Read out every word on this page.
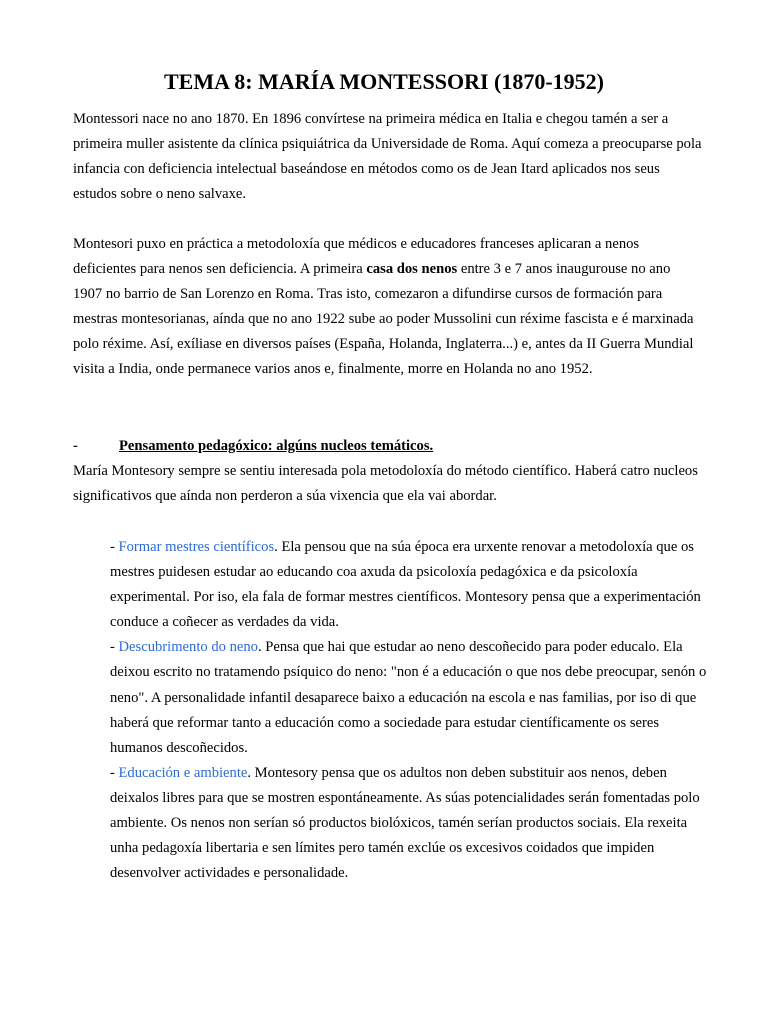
TEMA 8: MARÍA MONTESSORI (1870-1952)

Montessori nace no ano 1870. En 1896 convírtese na primeira médica en Italia e chegou tamén a ser a primeira muller asistente da clínica psiquiátrica da Universidade de Roma. Aquí comeza a preocuparse pola infancia con deficiencia intelectual baseándose en métodos como os de Jean Itard aplicados nos seus estudos sobre o neno salvaxe.

Montesori puxo en práctica a metodoloxía que médicos e educadores franceses aplicaran a nenos deficientes para nenos sen deficiencia. A primeira casa dos nenos entre 3 e 7 anos inaugurouse no ano 1907 no barrio de San Lorenzo en Roma. Tras isto, comezaron a difundirse cursos de formación para mestras montesorianas, aínda que no ano 1922 sube ao poder Mussolini cun réxime fascista e é marxinada polo réxime. Así, exíliase en diversos países (España, Holanda, Inglaterra...) e, antes da II Guerra Mundial visita a India, onde permanece varios anos e, finalmente, morre en Holanda no ano 1952.

-	Pensamento pedagóxico: algúns nucleos temáticos.

María Montesory sempre se sentiu interesada pola metodoloxía do método científico. Haberá catro nucleos significativos que aínda non perderon a súa vixencia que ela vai abordar.

- Formar mestres científicos. Ela pensou que na súa época era urxente renovar a metodoloxía que os mestres puidesen estudar ao educando coa axuda da psicoloxía pedagóxica e da psicoloxía experimental. Por iso, ela fala de formar mestres científicos. Montesory pensa que a experimentación conduce a coñecer as verdades da vida.

- Descubrimento do neno. Pensa que hai que estudar ao neno descoñecido para poder educalo. Ela deixou escrito no tratamendo psíquico do neno: "non é a educación o que nos debe preocupar, senón o neno". A personalidade infantil desaparece baixo a educación na escola e nas familias, por iso di que haberá que reformar tanto a educación como a sociedade para estudar científicamente os seres humanos descoñecidos.

- Educación e ambiente. Montesory pensa que os adultos non deben substituir aos nenos, deben deixalos libres para que se mostren espontáneamente. As súas potencialidades serán fomentadas polo ambiente. Os nenos non serían só productos biolóxicos, tamén serían productos sociais. Ela rexeita unha pedagoxía libertaria e sen límites pero tamén exclúe os excesivos coidados que impiden desenvolver actividades e personalidade.
